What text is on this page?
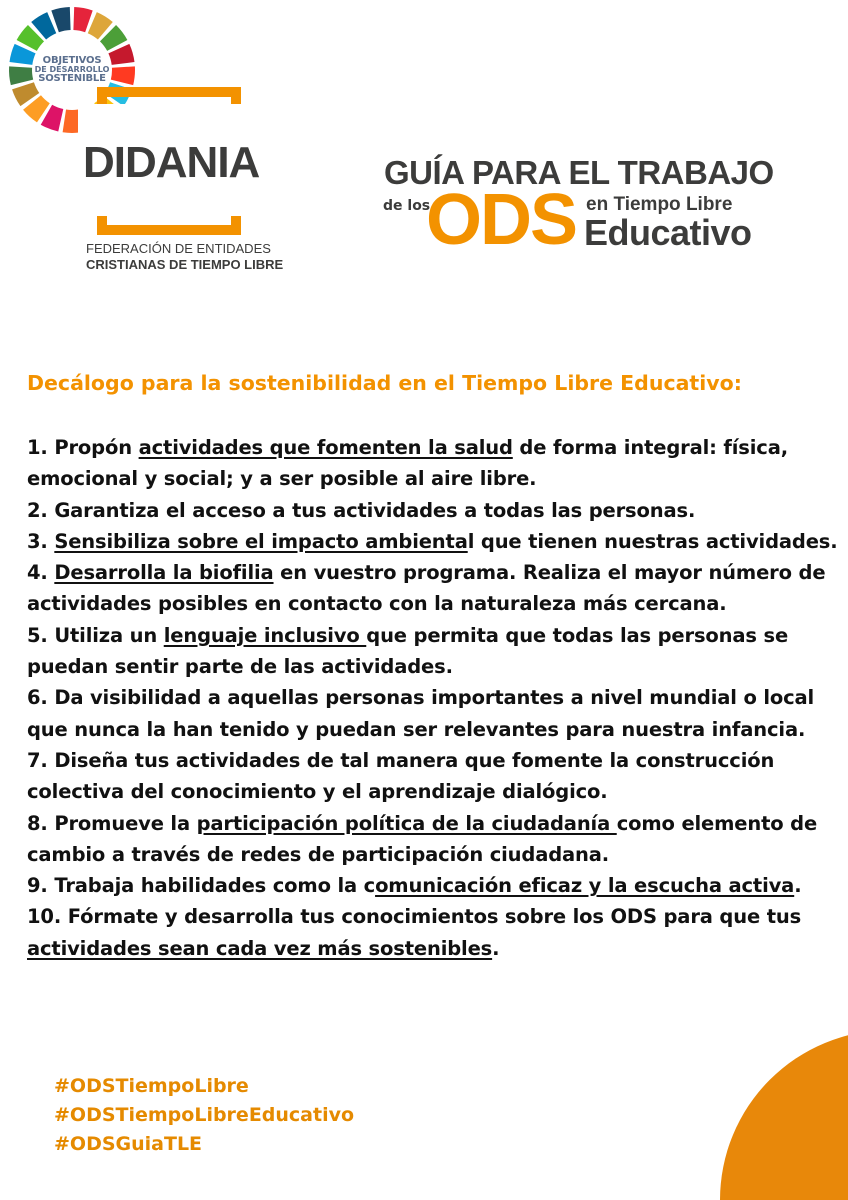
OBJETIVOS
DE DESARROLLO
SOSTENIBLE
DIDANIA
FEDERACIÓN DE ENTIDADES
CRISTIANAS DE TIEMPO LIBRE
GUÍA PARA EL TRABAJO
de los
ODS en Tiempo Libre
Educativo
Decálogo para la sostenibilidad en el Tiempo Libre Educativo:
1. Propón actividades que fomenten la salud de forma integral: física, emocional y social; y a ser posible al aire libre.
2. Garantiza el acceso a tus actividades a todas las personas.
3. Sensibiliza sobre el impacto ambiental que tienen nuestras actividades.
4. Desarrolla la biofilia en vuestro programa. Realiza el mayor número de actividades posibles en contacto con la naturaleza más cercana.
5. Utiliza un lenguaje inclusivo que permita que todas las personas se puedan sentir parte de las actividades.
6. Da visibilidad a aquellas personas importantes a nivel mundial o local que nunca la han tenido y puedan ser relevantes para nuestra infancia.
7. Diseña tus actividades de tal manera que fomente la construcción colectiva del conocimiento y el aprendizaje dialógico.
8. Promueve la participación política de la ciudadanía como elemento de cambio a través de redes de participación ciudadana.
9. Trabaja habilidades como la comunicación eficaz y la escucha activa.
10. Fórmate y desarrolla tus conocimientos sobre los ODS para que tus actividades sean cada vez más sostenibles.
#ODSTiempoLibre
#ODSTiempoLibreEducativo
#ODSGuiaTLE
